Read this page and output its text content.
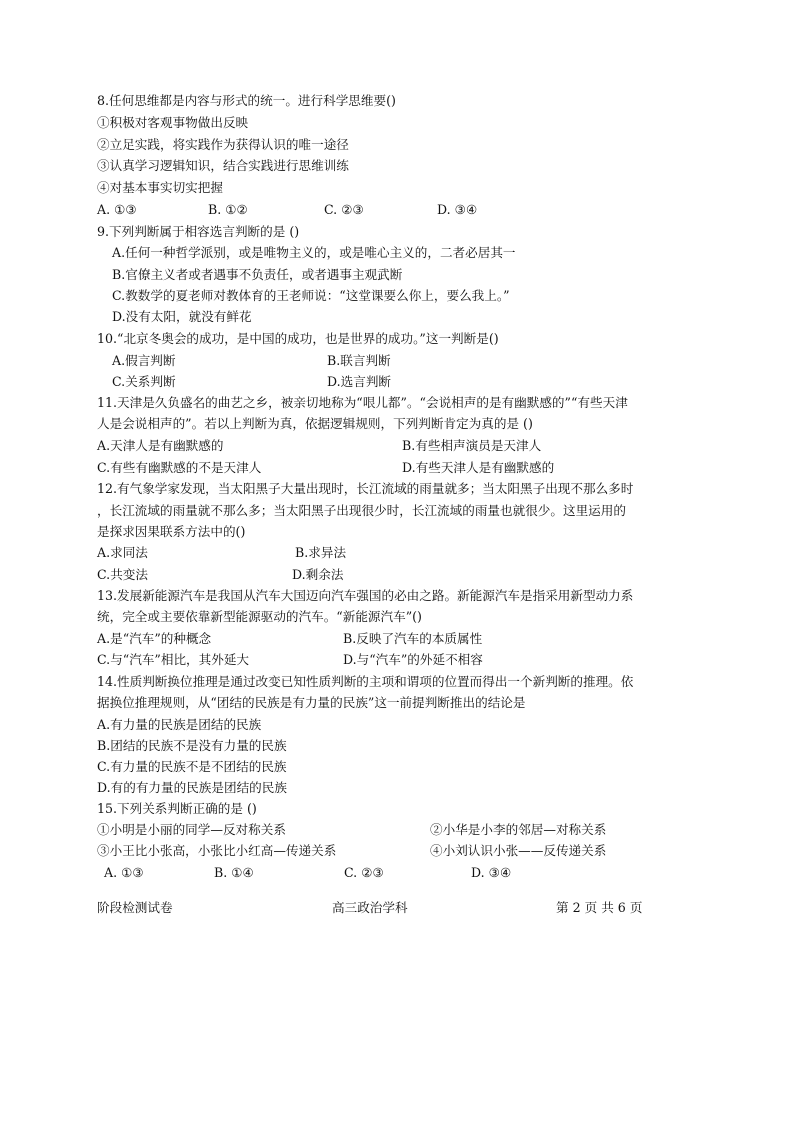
8.任何思维都是内容与形式的统一。进行科学思维要()
①积极对客观事物做出反映
②立足实践，将实践作为获得认识的唯一途径
③认真学习逻辑知识，结合实践进行思维训练
④对基本事实切实把握
A. ①③	B. ①②	C. ②③	D. ③④
9.下列判断属于相容选言判断的是 ()
A.任何一种哲学派别，或是唯物主义的，或是唯心主义的，二者必居其一
B.官僚主义者或者遇事不负责任，或者遇事主观武断
C.教数学的夏老师对教体育的王老师说：“这堂课要么你上，要么我上。”
D.没有太阳，就没有鲜花
10.“北京冬奥会的成功，是中国的成功，也是世界的成功。”这一判断是()
A.假言判断	B.联言判断
C.关系判断	D.选言判断
11.天津是久负盛名的曲艺之乡，被亲切地称为“哏儿都”。“会说相声的是有幽默感的”“有些天津
人是会说相声的”。若以上判断为真，依据逻辑规则，下列判断肯定为真的是 ()
A.天津人是有幽默感的	B.有些相声演员是天津人
C.有些有幽默感的不是天津人	D.有些天津人是有幽默感的
12.有气象学家发现，当太阳黑子大量出现时，长江流域的雨量就多；当太阳黑子出现不那么多时
，长江流域的雨量就不那么多；当太阳黑子出现很少时，长江流域的雨量也就很少。这里运用的
是探求因果联系方法中的()
A.求同法	B.求异法
C.共变法	D.剩余法
13.发展新能源汽车是我国从汽车大国迈向汽车强国的必由之路。新能源汽车是指采用新型动力系
统，完全或主要依靠新型能源驱动的汽车。“新能源汽车”()
A.是“汽车”的种概念	B.反映了汽车的本质属性
C.与“汽车”相比，其外延大	D.与“汽车”的外延不相容
14.性质判断换位推理是通过改变已知性质判断的主项和谓项的位置而得出一个新判断的推理。依
据换位推理规则，从“团结的民族是有力量的民族”这一前提判断推出的结论是
A.有力量的民族是团结的民族
B.团结的民族不是没有力量的民族
C.有力量的民族不是不团结的民族
D.有的有力量的民族是团结的民族
15.下列关系判断正确的是 ()
①小明是小丽的同学—反对称关系	②小华是小李的邻居—对称关系
③小王比小张高，小张比小红高—传递关系	④小刘认识小张——反传递关系
A. ①③	B. ①④	C. ②③	D. ③④
阶段检测试卷	高三政治学科	第 2 页 共 6 页
